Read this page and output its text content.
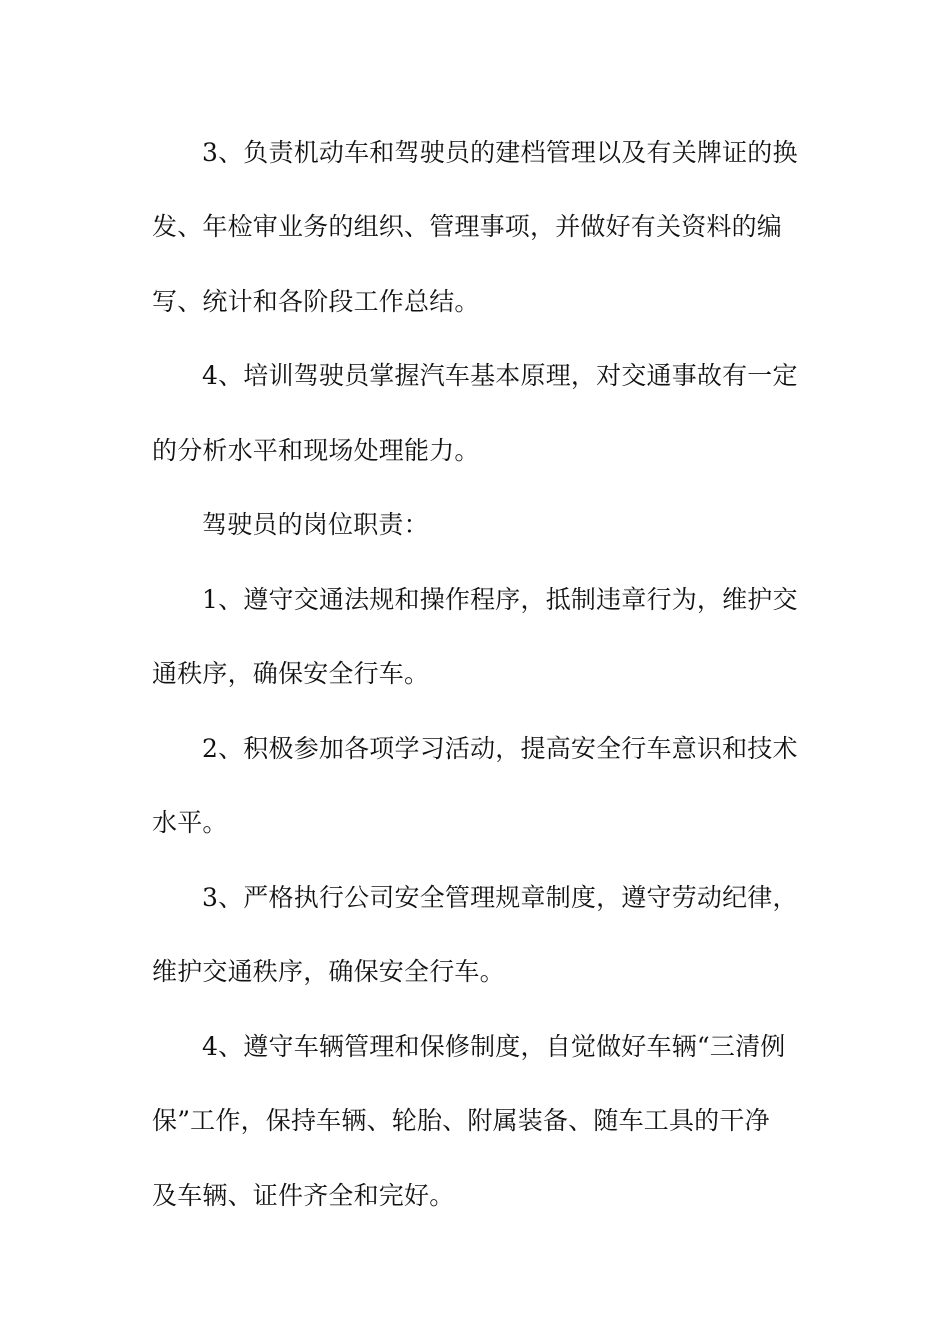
3、负责机动车和驾驶员的建档管理以及有关牌证的换
发、年检审业务的组织、管理事项，并做好有关资料的编
写、统计和各阶段工作总结。
4、培训驾驶员掌握汽车基本原理，对交通事故有一定
的分析水平和现场处理能力。
驾驶员的岗位职责：
1、遵守交通法规和操作程序，抵制违章行为，维护交
通秩序，确保安全行车。
2、积极参加各项学习活动，提高安全行车意识和技术
水平。
3、严格执行公司安全管理规章制度，遵守劳动纪律，
维护交通秩序，确保安全行车。
4、遵守车辆管理和保修制度，自觉做好车辆“三清例
保”工作，保持车辆、轮胎、附属装备、随车工具的干净
及车辆、证件齐全和完好。
